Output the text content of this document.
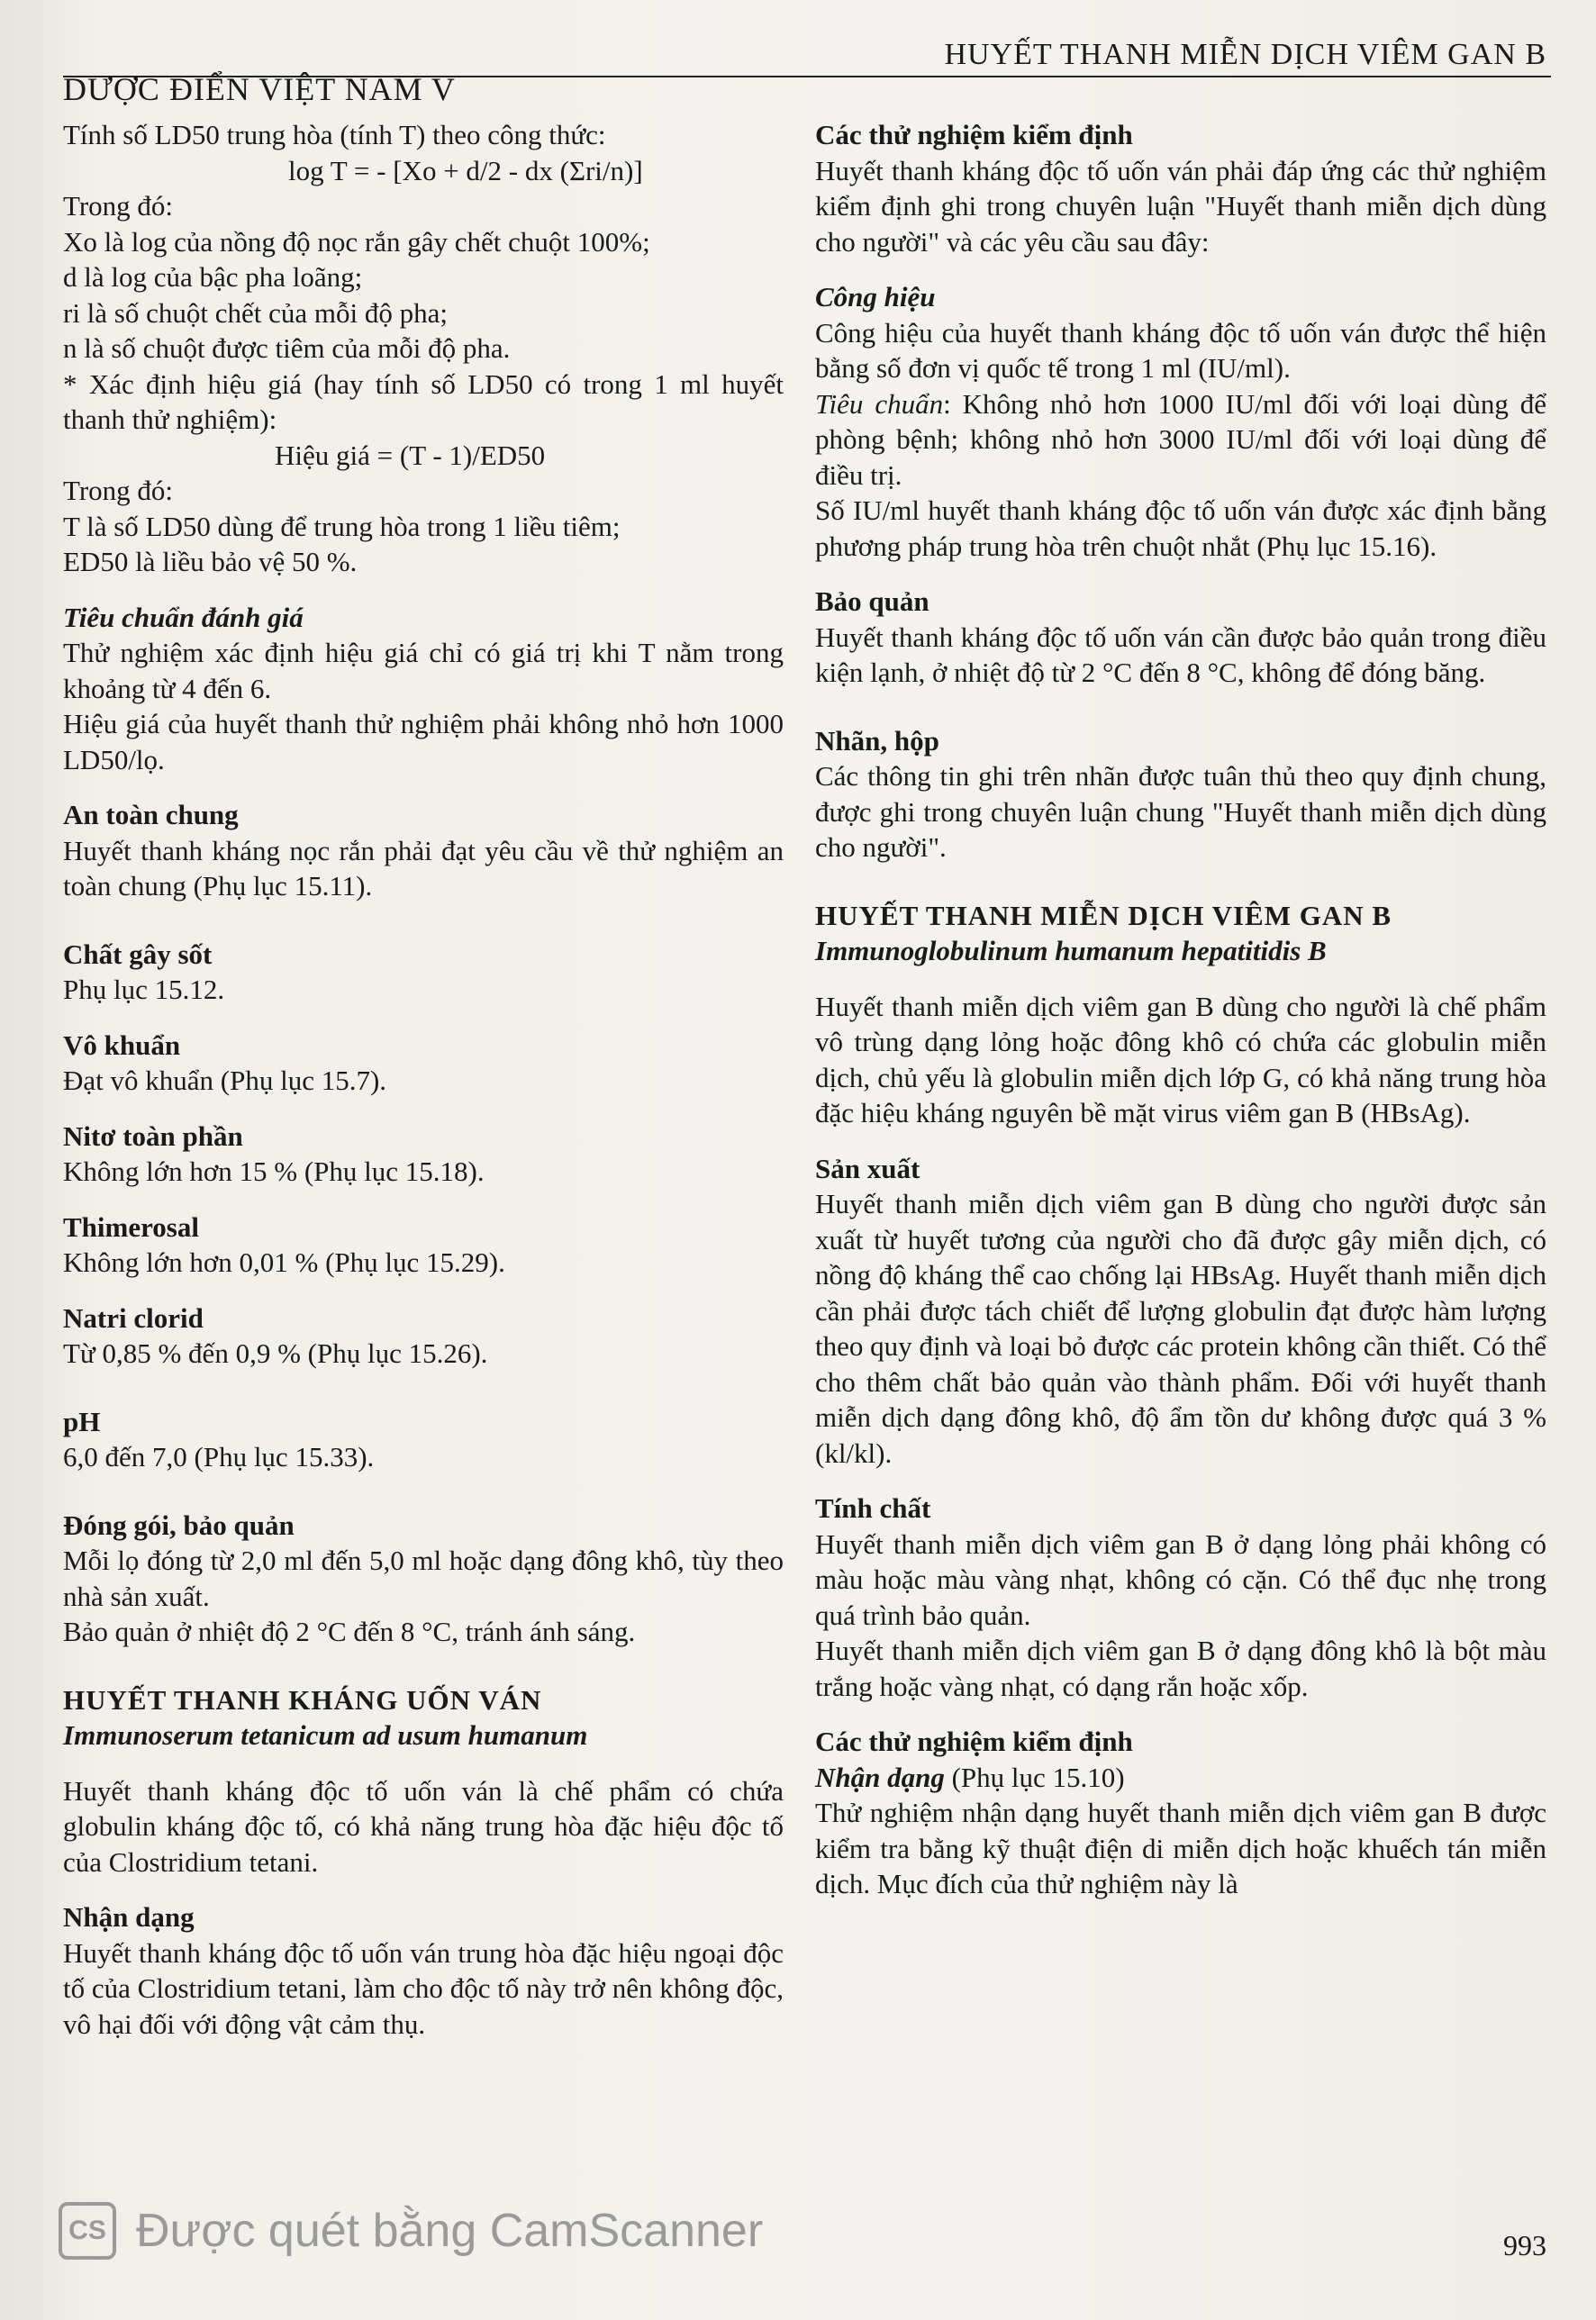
HUYẾT THANH MIỄN DỊCH VIÊM GAN B
DƯỢC ĐIỂN VIỆT NAM V

Tính số LD50 trung hòa (tính T) theo công thức:

log T = - [Xo + d/2 - dx (Σri/n)]

Trong đó:

Xo là log của nồng độ nọc rắn gây chết chuột 100%;

d là log của bậc pha loãng;

ri là số chuột chết của mỗi độ pha;

n là số chuột được tiêm của mỗi độ pha.

* Xác định hiệu giá (hay tính số LD50 có trong 1 ml huyết thanh thử nghiệm):

Hiệu giá = (T - 1)/ED50

Trong đó:

T là số LD50 dùng để trung hòa trong 1 liều tiêm;

ED50 là liều bảo vệ 50 %.

Tiêu chuẩn đánh giá

Thử nghiệm xác định hiệu giá chỉ có giá trị khi T nằm trong khoảng từ 4 đến 6.

Hiệu giá của huyết thanh thử nghiệm phải không nhỏ hơn 1000 LD50/lọ.

An toàn chung

Huyết thanh kháng nọc rắn phải đạt yêu cầu về thử nghiệm an toàn chung (Phụ lục 15.11).

Chất gây sốt

Phụ lục 15.12.

Vô khuẩn

Đạt vô khuẩn (Phụ lục 15.7).

Nitơ toàn phần

Không lớn hơn 15 % (Phụ lục 15.18).

Thimerosal

Không lớn hơn 0,01 % (Phụ lục 15.29).

Natri clorid

Từ 0,85 % đến 0,9 % (Phụ lục 15.26).

pH

6,0 đến 7,0 (Phụ lục 15.33).

Đóng gói, bảo quản

Mỗi lọ đóng từ 2,0 ml đến 5,0 ml hoặc dạng đông khô, tùy theo nhà sản xuất.

Bảo quản ở nhiệt độ 2 °C đến 8 °C, tránh ánh sáng.

HUYẾT THANH KHÁNG UỐN VÁN

Immunoserum tetanicum ad usum humanum

Huyết thanh kháng độc tố uốn ván là chế phẩm có chứa globulin kháng độc tố, có khả năng trung hòa đặc hiệu độc tố của Clostridium tetani.

Nhận dạng

Huyết thanh kháng độc tố uốn ván trung hòa đặc hiệu ngoại độc tố của Clostridium tetani, làm cho độc tố này trở nên không độc, vô hại đối với động vật cảm thụ.

Các thử nghiệm kiểm định

Huyết thanh kháng độc tố uốn ván phải đáp ứng các thử nghiệm kiểm định ghi trong chuyên luận "Huyết thanh miễn dịch dùng cho người" và các yêu cầu sau đây:

Công hiệu

Công hiệu của huyết thanh kháng độc tố uốn ván được thể hiện bằng số đơn vị quốc tế trong 1 ml (IU/ml).

Tiêu chuẩn: Không nhỏ hơn 1000 IU/ml đối với loại dùng để phòng bệnh; không nhỏ hơn 3000 IU/ml đối với loại dùng để điều trị.

Số IU/ml huyết thanh kháng độc tố uốn ván được xác định bằng phương pháp trung hòa trên chuột nhắt (Phụ lục 15.16).

Bảo quản

Huyết thanh kháng độc tố uốn ván cần được bảo quản trong điều kiện lạnh, ở nhiệt độ từ 2 °C đến 8 °C, không để đóng băng.

Nhãn, hộp

Các thông tin ghi trên nhãn được tuân thủ theo quy định chung, được ghi trong chuyên luận chung "Huyết thanh miễn dịch dùng cho người".

HUYẾT THANH MIỄN DỊCH VIÊM GAN B

Immunoglobulinum humanum hepatitidis B

Huyết thanh miễn dịch viêm gan B dùng cho người là chế phẩm vô trùng dạng lỏng hoặc đông khô có chứa các globulin miễn dịch, chủ yếu là globulin miễn dịch lớp G, có khả năng trung hòa đặc hiệu kháng nguyên bề mặt virus viêm gan B (HBsAg).

Sản xuất

Huyết thanh miễn dịch viêm gan B dùng cho người được sản xuất từ huyết tương của người cho đã được gây miễn dịch, có nồng độ kháng thể cao chống lại HBsAg. Huyết thanh miễn dịch cần phải được tách chiết để lượng globulin đạt được hàm lượng theo quy định và loại bỏ được các protein không cần thiết. Có thể cho thêm chất bảo quản vào thành phẩm. Đối với huyết thanh miễn dịch dạng đông khô, độ ẩm tồn dư không được quá 3 % (kl/kl).

Tính chất

Huyết thanh miễn dịch viêm gan B ở dạng lỏng phải không có màu hoặc màu vàng nhạt, không có cặn. Có thể đục nhẹ trong quá trình bảo quản.

Huyết thanh miễn dịch viêm gan B ở dạng đông khô là bột màu trắng hoặc vàng nhạt, có dạng rắn hoặc xốp.

Các thử nghiệm kiểm định

Nhận dạng (Phụ lục 15.10)

Thử nghiệm nhận dạng huyết thanh miễn dịch viêm gan B được kiểm tra bằng kỹ thuật điện di miễn dịch hoặc khuếch tán miễn dịch. Mục đích của thử nghiệm này là

CS Được quét bằng CamScanner	993
